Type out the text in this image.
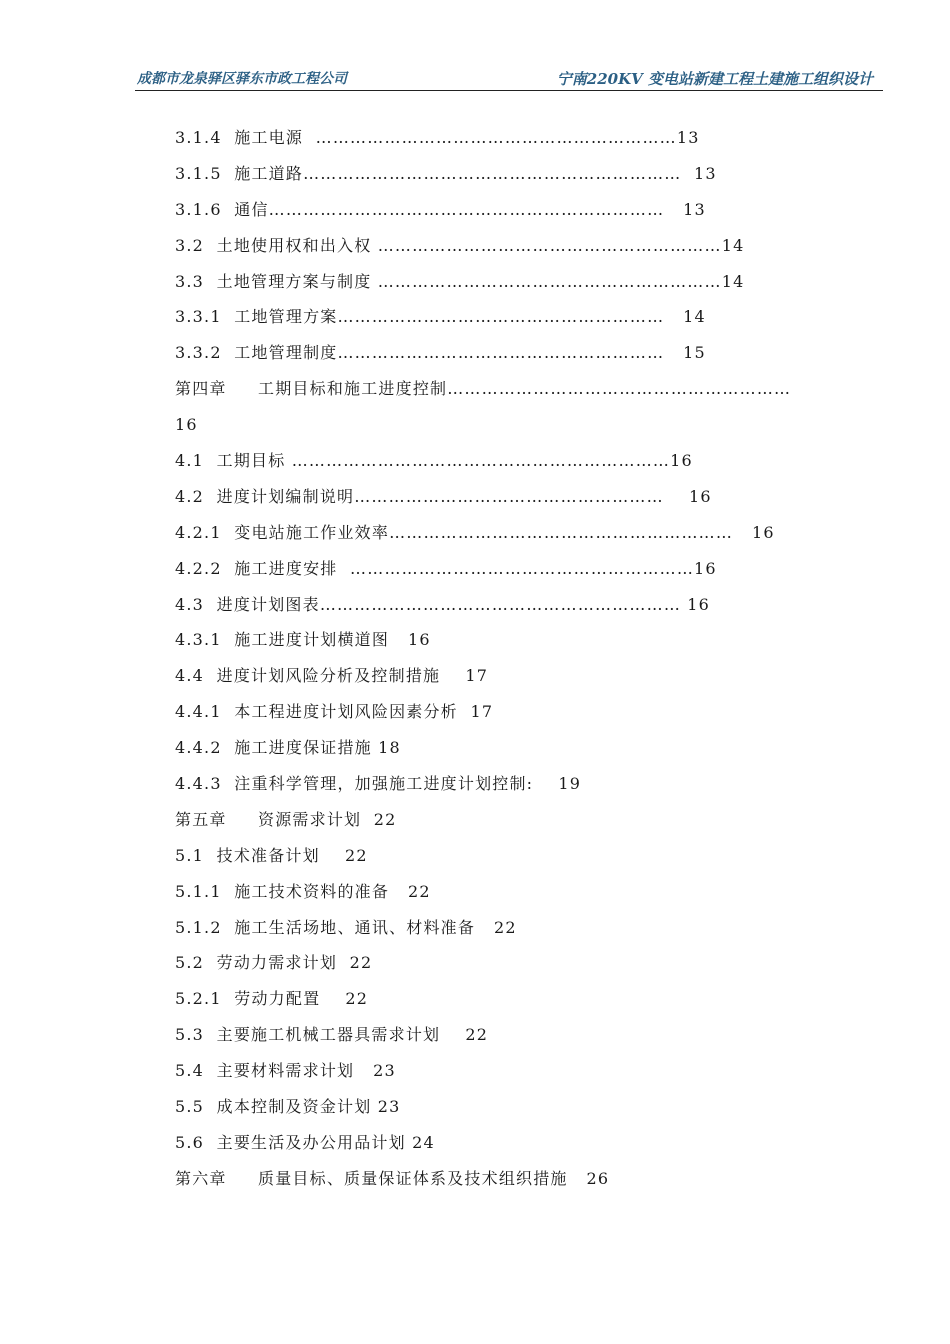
成都市龙泉驿区驿东市政工程公司	宁南220KV 变电站新建工程土建施工组织设计
3.1.4  施工电源  ………………………………………………………13
3.1.5  施工道路…………………………………………………………  13
3.1.6  通信……………………………………………………………   13
3.2  土地使用权和出入权 ……………………………………………………14
3.3  土地管理方案与制度 ……………………………………………………14
3.3.1  工地管理方案…………………………………………………   14
3.3.2  工地管理制度…………………………………………………   15
第四章     工期目标和施工进度控制……………………………………………………
16
4.1  工期目标 …………………………………………………………16
4.2  进度计划编制说明………………………………………………    16
4.2.1  变电站施工作业效率……………………………………………………   16
4.2.2  施工进度安排  ……………………………………………………16
4.3  进度计划图表……………………………………………………… 16
4.3.1  施工进度计划横道图   16
4.4  进度计划风险分析及控制措施    17
4.4.1  本工程进度计划风险因素分析  17
4.4.2  施工进度保证措施 18
4.4.3  注重科学管理，加强施工进度计划控制:    19
第五章     资源需求计划  22
5.1  技术准备计划    22
5.1.1  施工技术资料的准备   22
5.1.2  施工生活场地、通讯、材料准备   22
5.2  劳动力需求计划  22
5.2.1  劳动力配置    22
5.3  主要施工机械工器具需求计划    22
5.4  主要材料需求计划   23
5.5  成本控制及资金计划 23
5.6  主要生活及办公用品计划 24
第六章     质量目标、质量保证体系及技术组织措施   26
